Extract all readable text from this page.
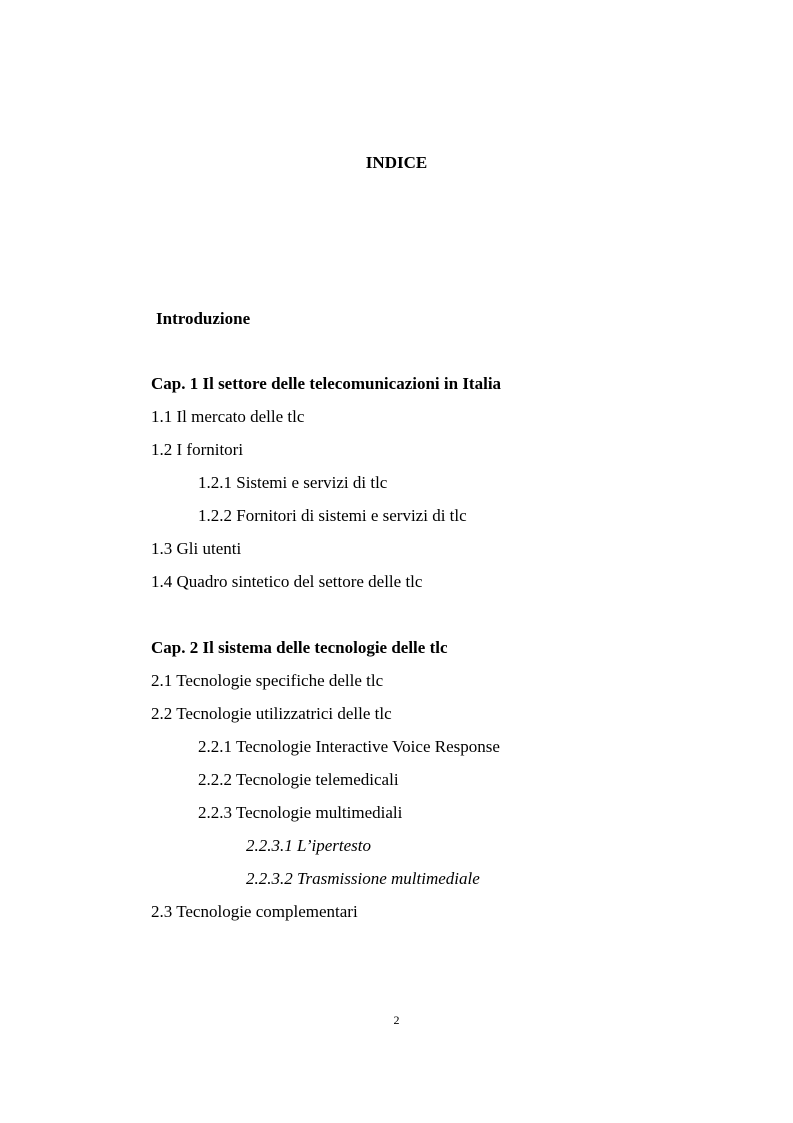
INDICE
Introduzione
Cap. 1 Il settore delle telecomunicazioni in Italia
1.1 Il mercato delle tlc
1.2 I fornitori
1.2.1 Sistemi e servizi di tlc
1.2.2 Fornitori di sistemi e servizi di tlc
1.3 Gli utenti
1.4 Quadro sintetico del settore delle tlc
Cap. 2 Il sistema delle tecnologie delle tlc
2.1 Tecnologie specifiche delle tlc
2.2 Tecnologie utilizzatrici delle tlc
2.2.1 Tecnologie Interactive Voice Response
2.2.2 Tecnologie telemedicali
2.2.3 Tecnologie multimediali
2.2.3.1 L’ipertesto
2.2.3.2 Trasmissione multimediale
2.3 Tecnologie complementari
2
